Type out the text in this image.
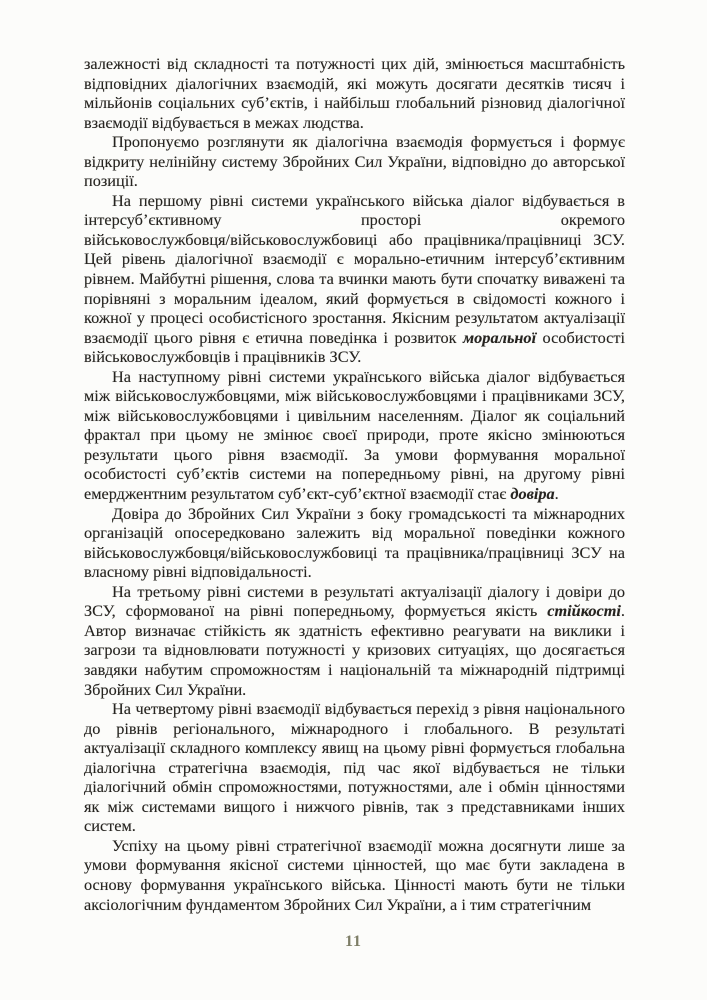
залежності від складності та потужності цих дій, змінюється масштабність відповідних діалогічних взаємодій, які можуть досягати десятків тисяч і мільйонів соціальних суб’єктів, і найбільш глобальний різновид діалогічної взаємодії відбувається в межах людства.

Пропонуємо розглянути як діалогічна взаємодія формується і формує відкриту нелінійну систему Збройних Сил України, відповідно до авторської позиції.

На першому рівні системи українського війська діалог відбувається в інтерсуб’єктивному просторі окремого військовослужбовця/⁠військовослужбовиці або працівника/⁠працівниці ЗСУ. Цей рівень діалогічної взаємодії є морально-етичним інтерсуб’єктивним рівнем. Майбутні рішення, слова та вчинки мають бути спочатку виважені та порівняні з моральним ідеалом, який формується в свідомості кожного і кожної у процесі особистісного зростання. Якісним результатом актуалізації взаємодії цього рівня є етична поведінка і розвиток моральної особистості військовослужбовців і працівників ЗСУ.

На наступному рівні системи українського війська діалог відбувається між військовослужбовцями, між військовослужбовцями і працівниками ЗСУ, між військовослужбовцями і цивільним населенням. Діалог як соціальний фрактал при цьому не змінює своєї природи, проте якісно змінюються результати цього рівня взаємодії. За умови формування моральної особистості суб’єктів системи на попередньому рівні, на другому рівні емерджентним результатом суб’єкт-суб’єктної взаємодії стає довіра.

Довіра до Збройних Сил України з боку громадськості та міжнародних організацій опосередковано залежить від моральної поведінки кожного військовослужбовця/⁠військовослужбовиці та працівника/⁠працівниці ЗСУ на власному рівні відповідальності.

На третьому рівні системи в результаті актуалізації діалогу і довіри до ЗСУ, сформованої на рівні попередньому, формується якість стійкості. Автор визначає стійкість як здатність ефективно реагувати на виклики і загрози та відновлювати потужності у кризових ситуаціях, що досягається завдяки набутим спроможностям і національній та міжнародній підтримці Збройних Сил України.

На четвертому рівні взаємодії відбувається перехід з рівня національного до рівнів регіонального, міжнародного і глобального. В результаті актуалізації складного комплексу явищ на цьому рівні формується глобальна діалогічна стратегічна взаємодія, під час якої відбувається не тільки діалогічний обмін спроможностями, потужностями, але і обмін цінностями як між системами вищого і нижчого рівнів, так з представниками інших систем.

Успіху на цьому рівні стратегічної взаємодії можна досягнути лише за умови формування якісної системи цінностей, що має бути закладена в основу формування українського війська. Цінності мають бути не тільки аксіологічним фундаментом Збройних Сил України, а і тим стратегічним

11
